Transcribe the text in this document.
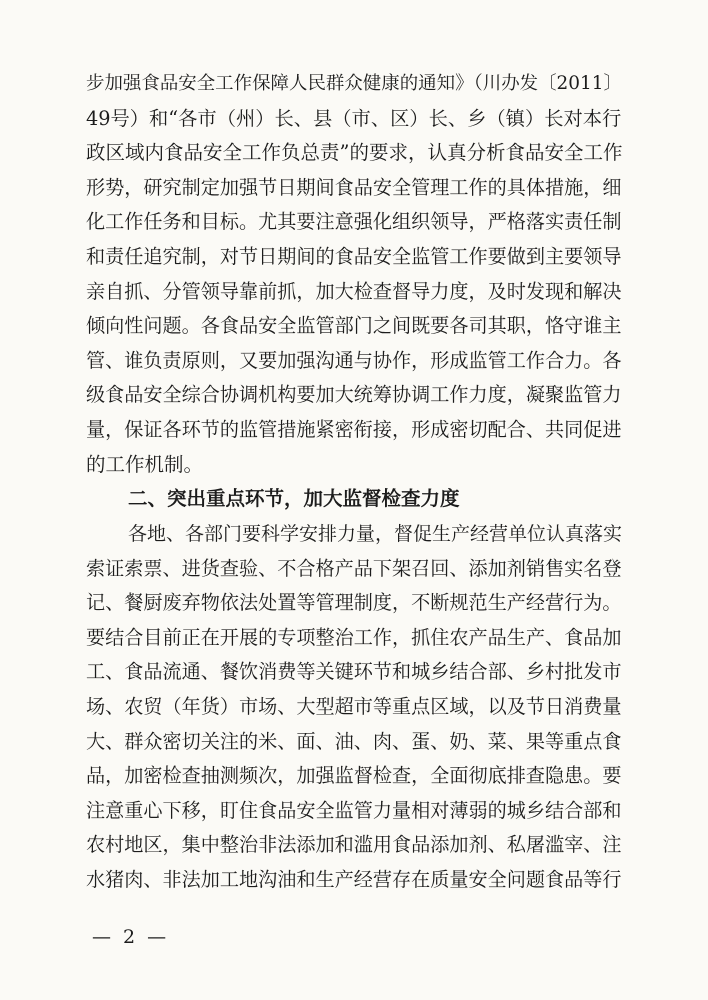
步加强食品安全工作保障人民群众健康的通知》（川办发〔2011〕
49号）和“各市（州）长、县（市、区）长、乡（镇）长对本行
政区域内食品安全工作负总责”的要求，认真分析食品安全工作
形势，研究制定加强节日期间食品安全管理工作的具体措施，细
化工作任务和目标。尤其要注意强化组织领导，严格落实责任制
和责任追究制，对节日期间的食品安全监管工作要做到主要领导
亲自抓、分管领导靠前抓，加大检查督导力度，及时发现和解决
倾向性问题。各食品安全监管部门之间既要各司其职，恪守谁主
管、谁负责原则，又要加强沟通与协作，形成监管工作合力。各
级食品安全综合协调机构要加大统筹协调工作力度，凝聚监管力
量，保证各环节的监管措施紧密衔接，形成密切配合、共同促进
的工作机制。
二、突出重点环节，加大监督检查力度
各地、各部门要科学安排力量，督促生产经营单位认真落实
索证索票、进货查验、不合格产品下架召回、添加剂销售实名登
记、餐厨废弃物依法处置等管理制度，不断规范生产经营行为。
要结合目前正在开展的专项整治工作，抓住农产品生产、食品加
工、食品流通、餐饮消费等关键环节和城乡结合部、乡村批发市
场、农贸（年货）市场、大型超市等重点区域，以及节日消费量
大、群众密切关注的米、面、油、肉、蛋、奶、菜、果等重点食
品，加密检查抽测频次，加强监督检查，全面彻底排查隐患。要
注意重心下移，盯住食品安全监管力量相对薄弱的城乡结合部和
农村地区，集中整治非法添加和滥用食品添加剂、私屠滥宰、注
水猪肉、非法加工地沟油和生产经营存在质量安全问题食品等行
— 2 —
